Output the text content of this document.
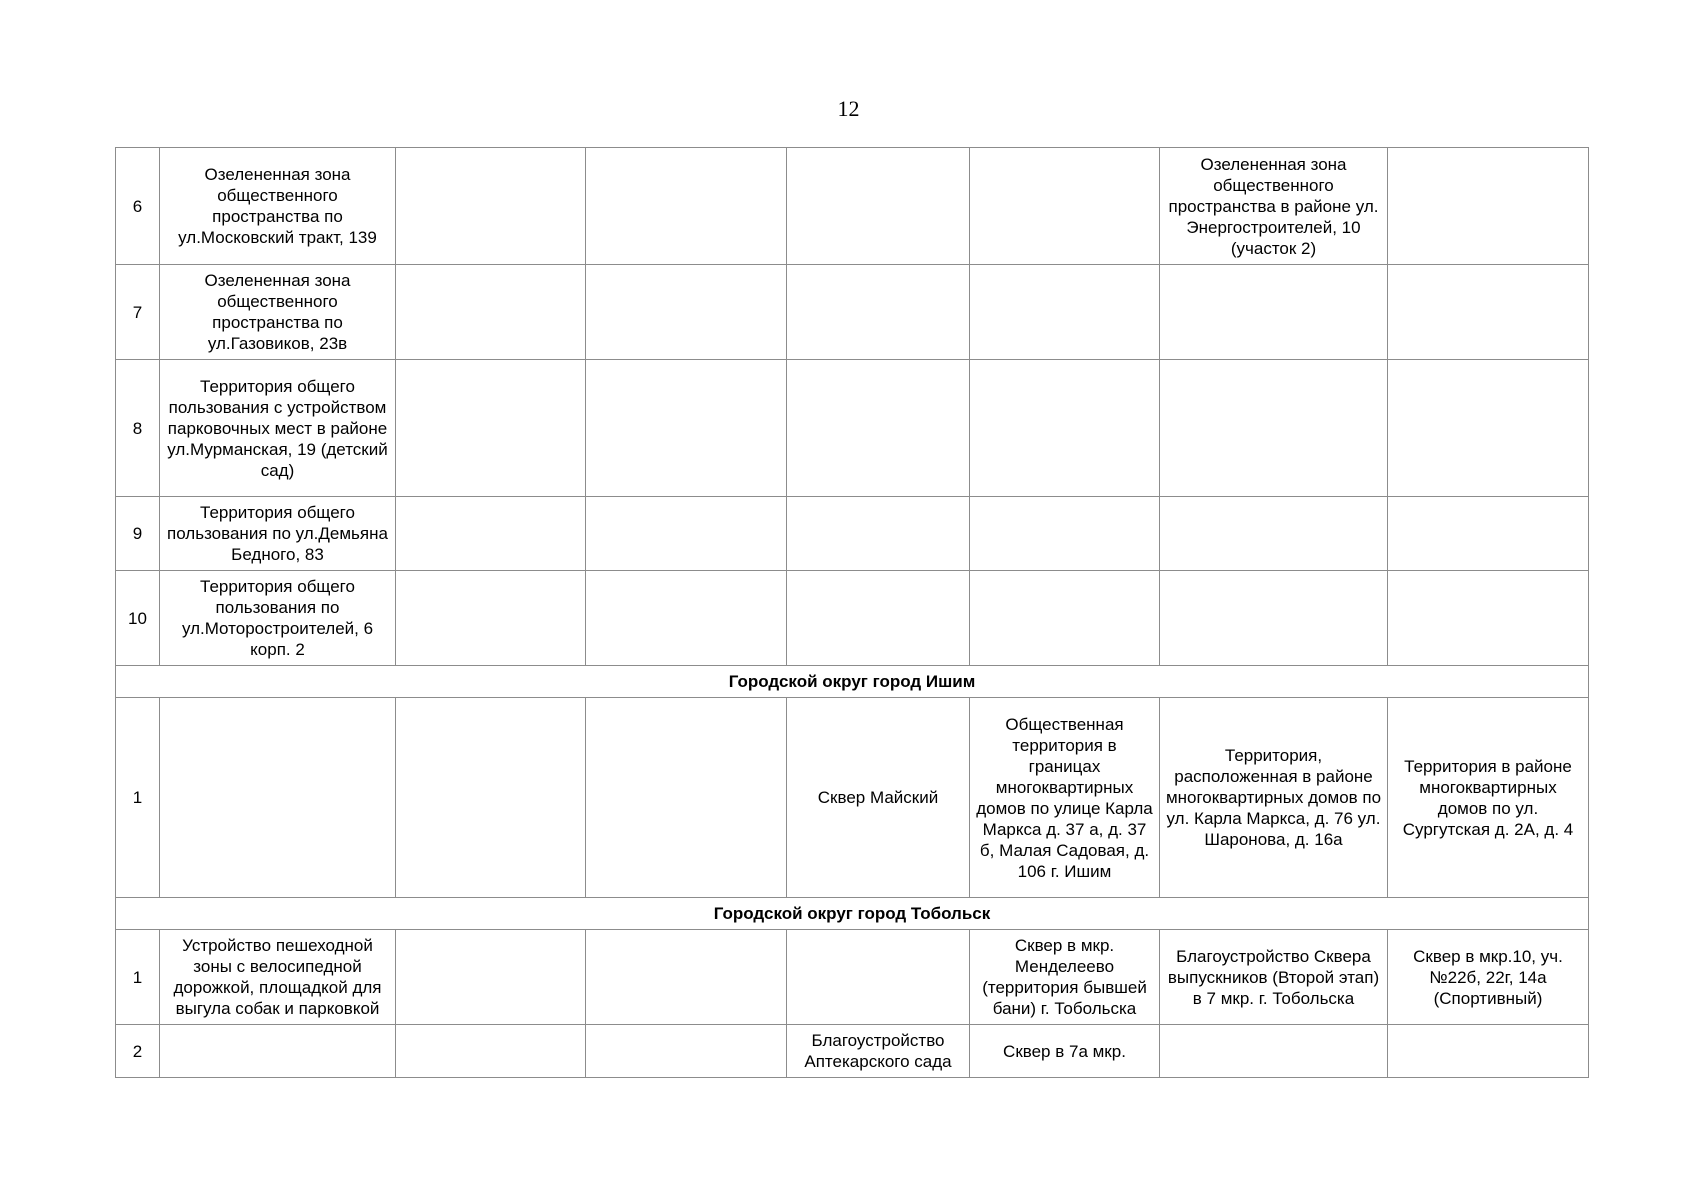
12
6	Озелененная зона общественного пространства по ул.Московский тракт, 139					Озелененная зона общественного пространства в районе ул. Энергостроителей, 10 (участок 2)	
7	Озелененная зона общественного пространства по ул.Газовиков, 23в						
8	Территория общего пользования с устройством парковочных мест в районе ул.Мурманская, 19 (детский сад)						
9	Территория общего пользования по ул.Демьяна Бедного, 83						
10	Территория общего пользования по ул.Моторостроителей, 6 корп. 2						
Городской округ город Ишим							
1				Сквер Майский	Общественная территория в границах многоквартирных домов по улице Карла Маркса д. 37 а, д. 37 б, Малая Садовая, д. 106 г. Ишим	Территория, расположенная в районе многоквартирных домов по ул. Карла Маркса, д. 76 ул. Шаронова, д. 16а	Территория в районе многоквартирных домов по ул. Сургутская д. 2А, д. 4
Городской округ город Тобольск							
1	Устройство пешеходной зоны с велосипедной дорожкой, площадкой для выгула собак и парковкой				Сквер в мкр. Менделеево (территория бывшей бани) г. Тобольска	Благоустройство Сквера выпускников (Второй этап) в 7 мкр. г. Тобольска	Сквер в мкр.10, уч. №22б, 22г, 14а (Спортивный)
2				Благоустройство Аптекарского сада	Сквер в 7а мкр.		
